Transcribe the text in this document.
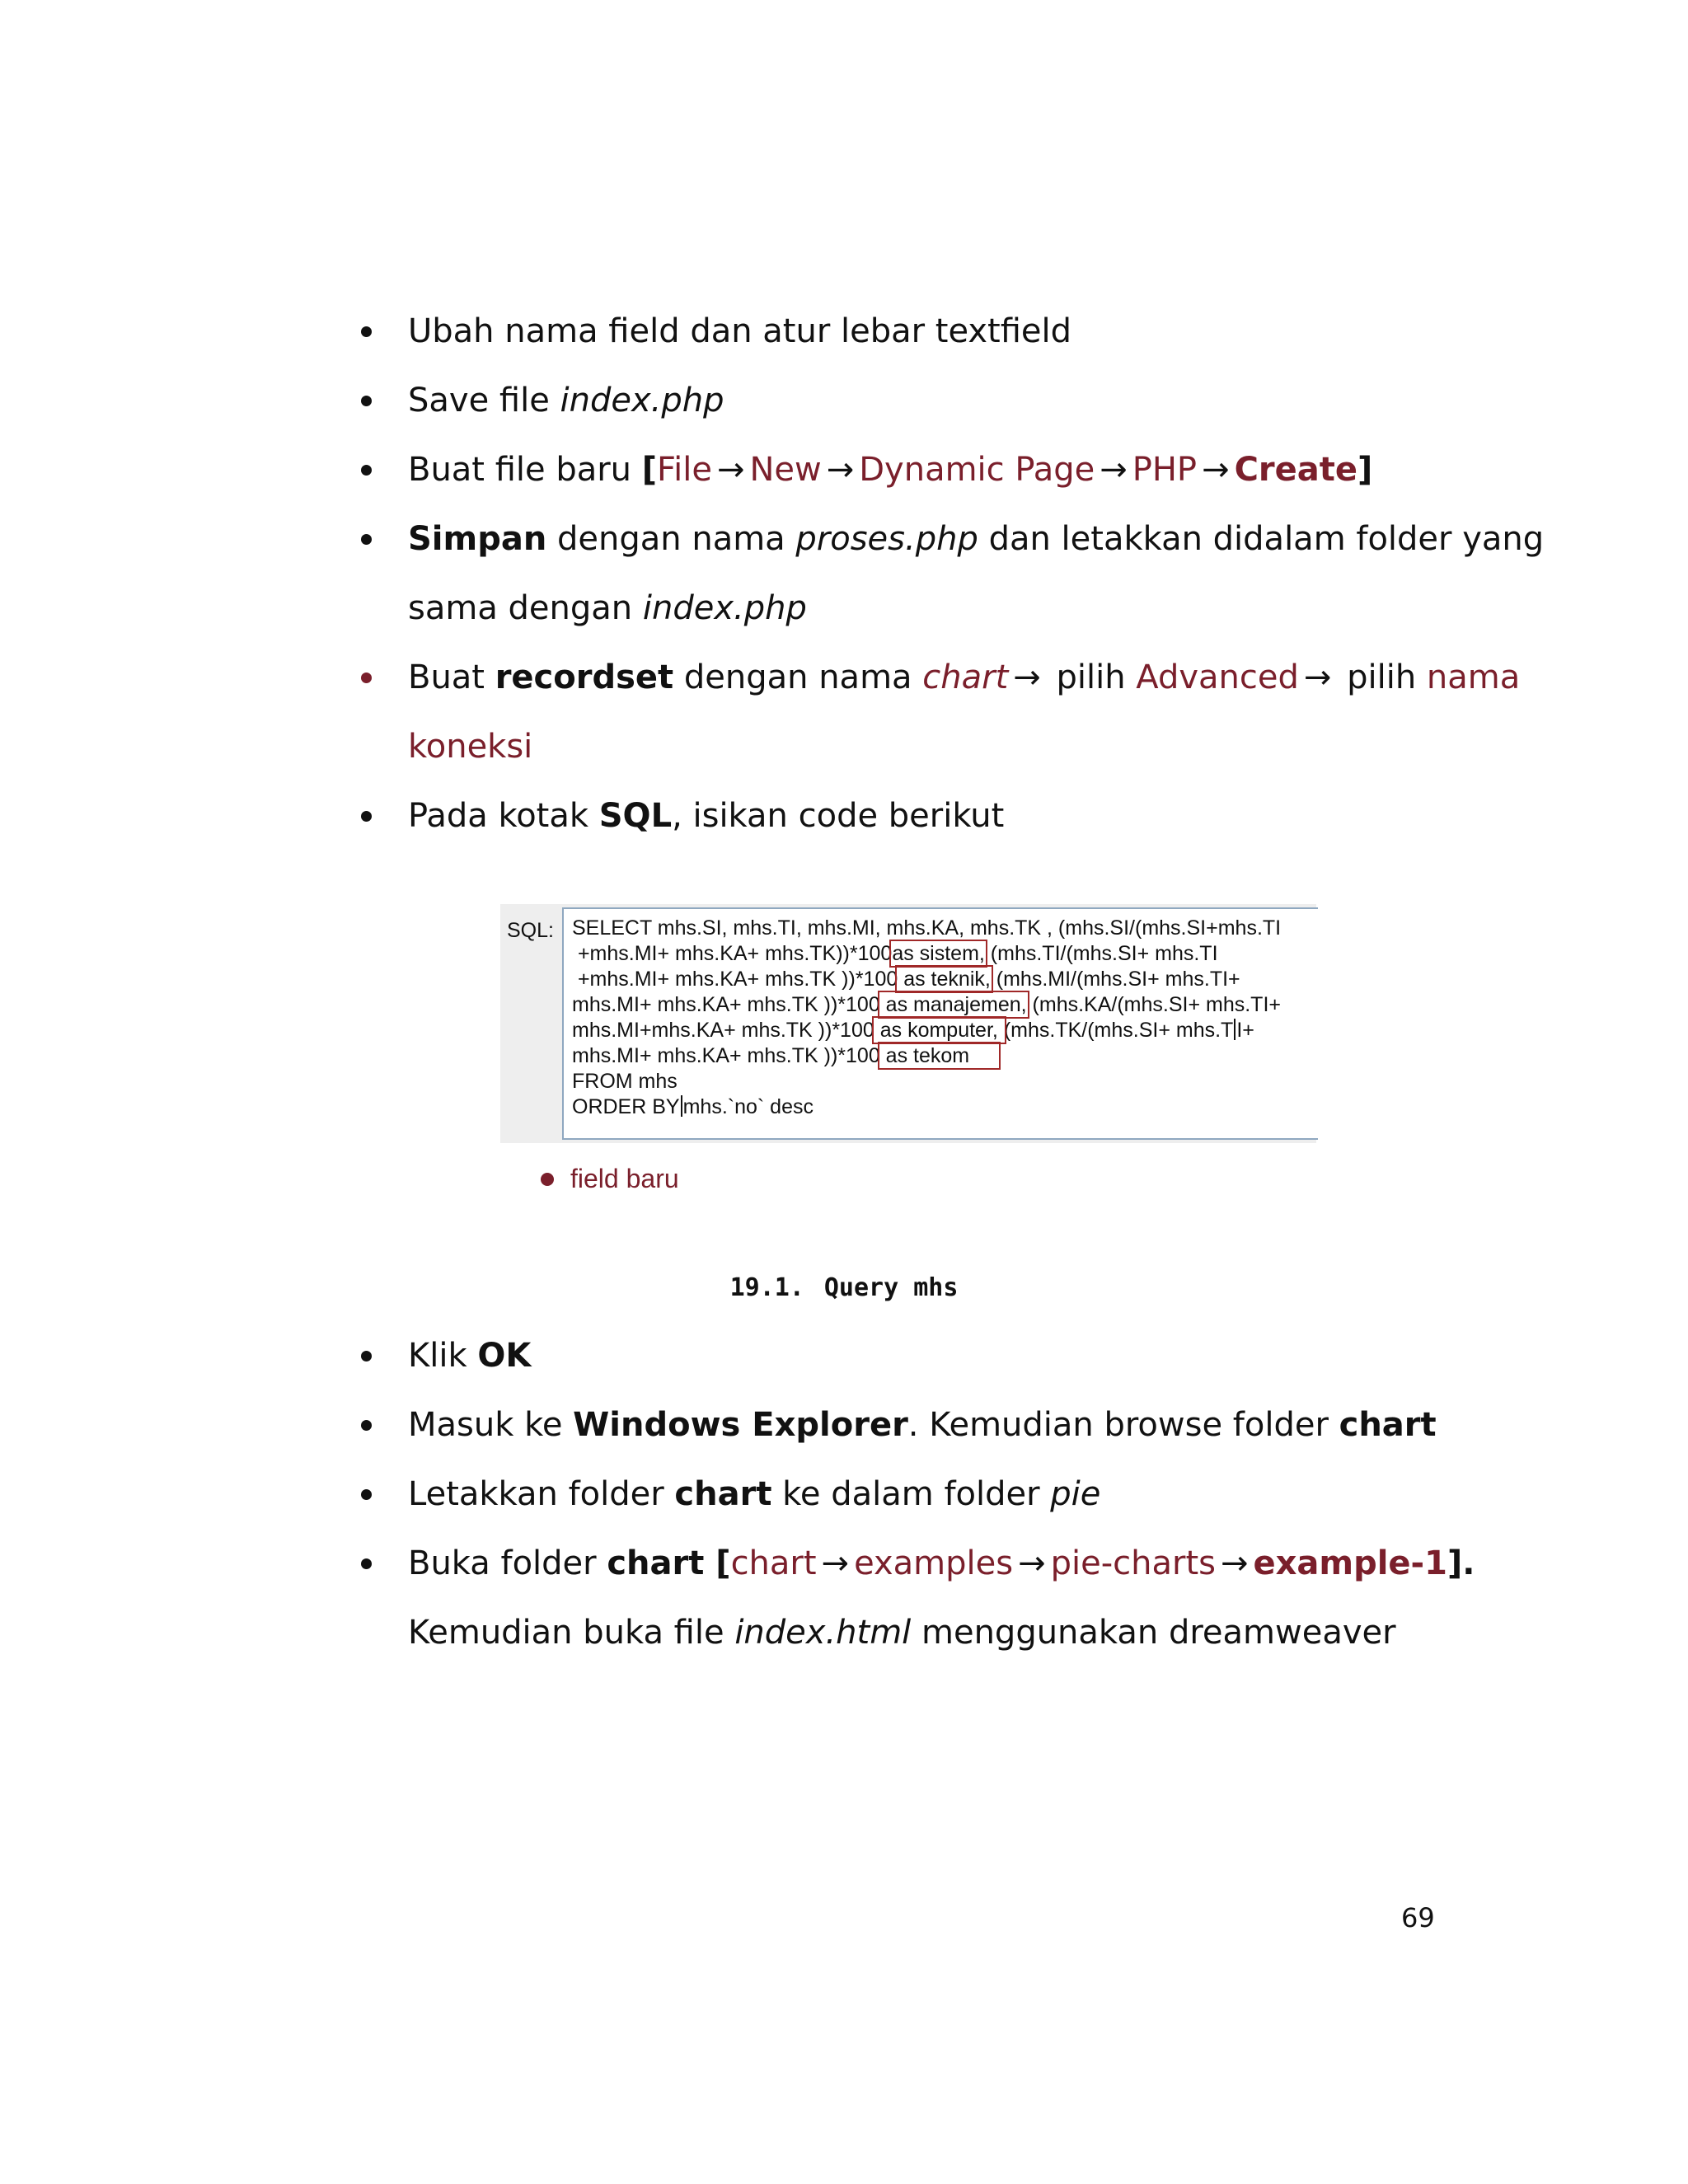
Ubah nama field dan atur lebar textfield
Save file index.php
Buat file baru [File → New → Dynamic Page → PHP → Create]
Simpan dengan nama proses.php dan letakkan didalam folder yang
sama dengan index.php
Buat recordset dengan nama chart → pilih Advanced → pilih nama
koneksi
Pada kotak SQL, isikan code berikut
SQL: SELECT mhs.SI, mhs.TI, mhs.MI, mhs.KA, mhs.TK , (mhs.SI/(mhs.SI+mhs.TI
+mhs.MI+ mhs.KA+ mhs.TK))*100as sistem, (mhs.TI/(mhs.SI+ mhs.TI
+mhs.MI+ mhs.KA+ mhs.TK ))*100 as teknik, (mhs.MI/(mhs.SI+ mhs.TI+
mhs.MI+ mhs.KA+ mhs.TK ))*100 as manajemen, (mhs.KA/(mhs.SI+ mhs.TI+
mhs.MI+mhs.KA+ mhs.TK ))*100 as komputer, (mhs.TK/(mhs.SI+ mhs.T I+
mhs.MI+ mhs.KA+ mhs.TK ))*100 as tekom
FROM mhs
ORDER BY mhs.`no` desc
field baru
19.1. Query mhs
Klik OK
Masuk ke Windows Explorer. Kemudian browse folder chart
Letakkan folder chart ke dalam folder pie
Buka folder chart [chart → examples → pie-charts → example-1].
Kemudian buka file index.html menggunakan dreamweaver
69
